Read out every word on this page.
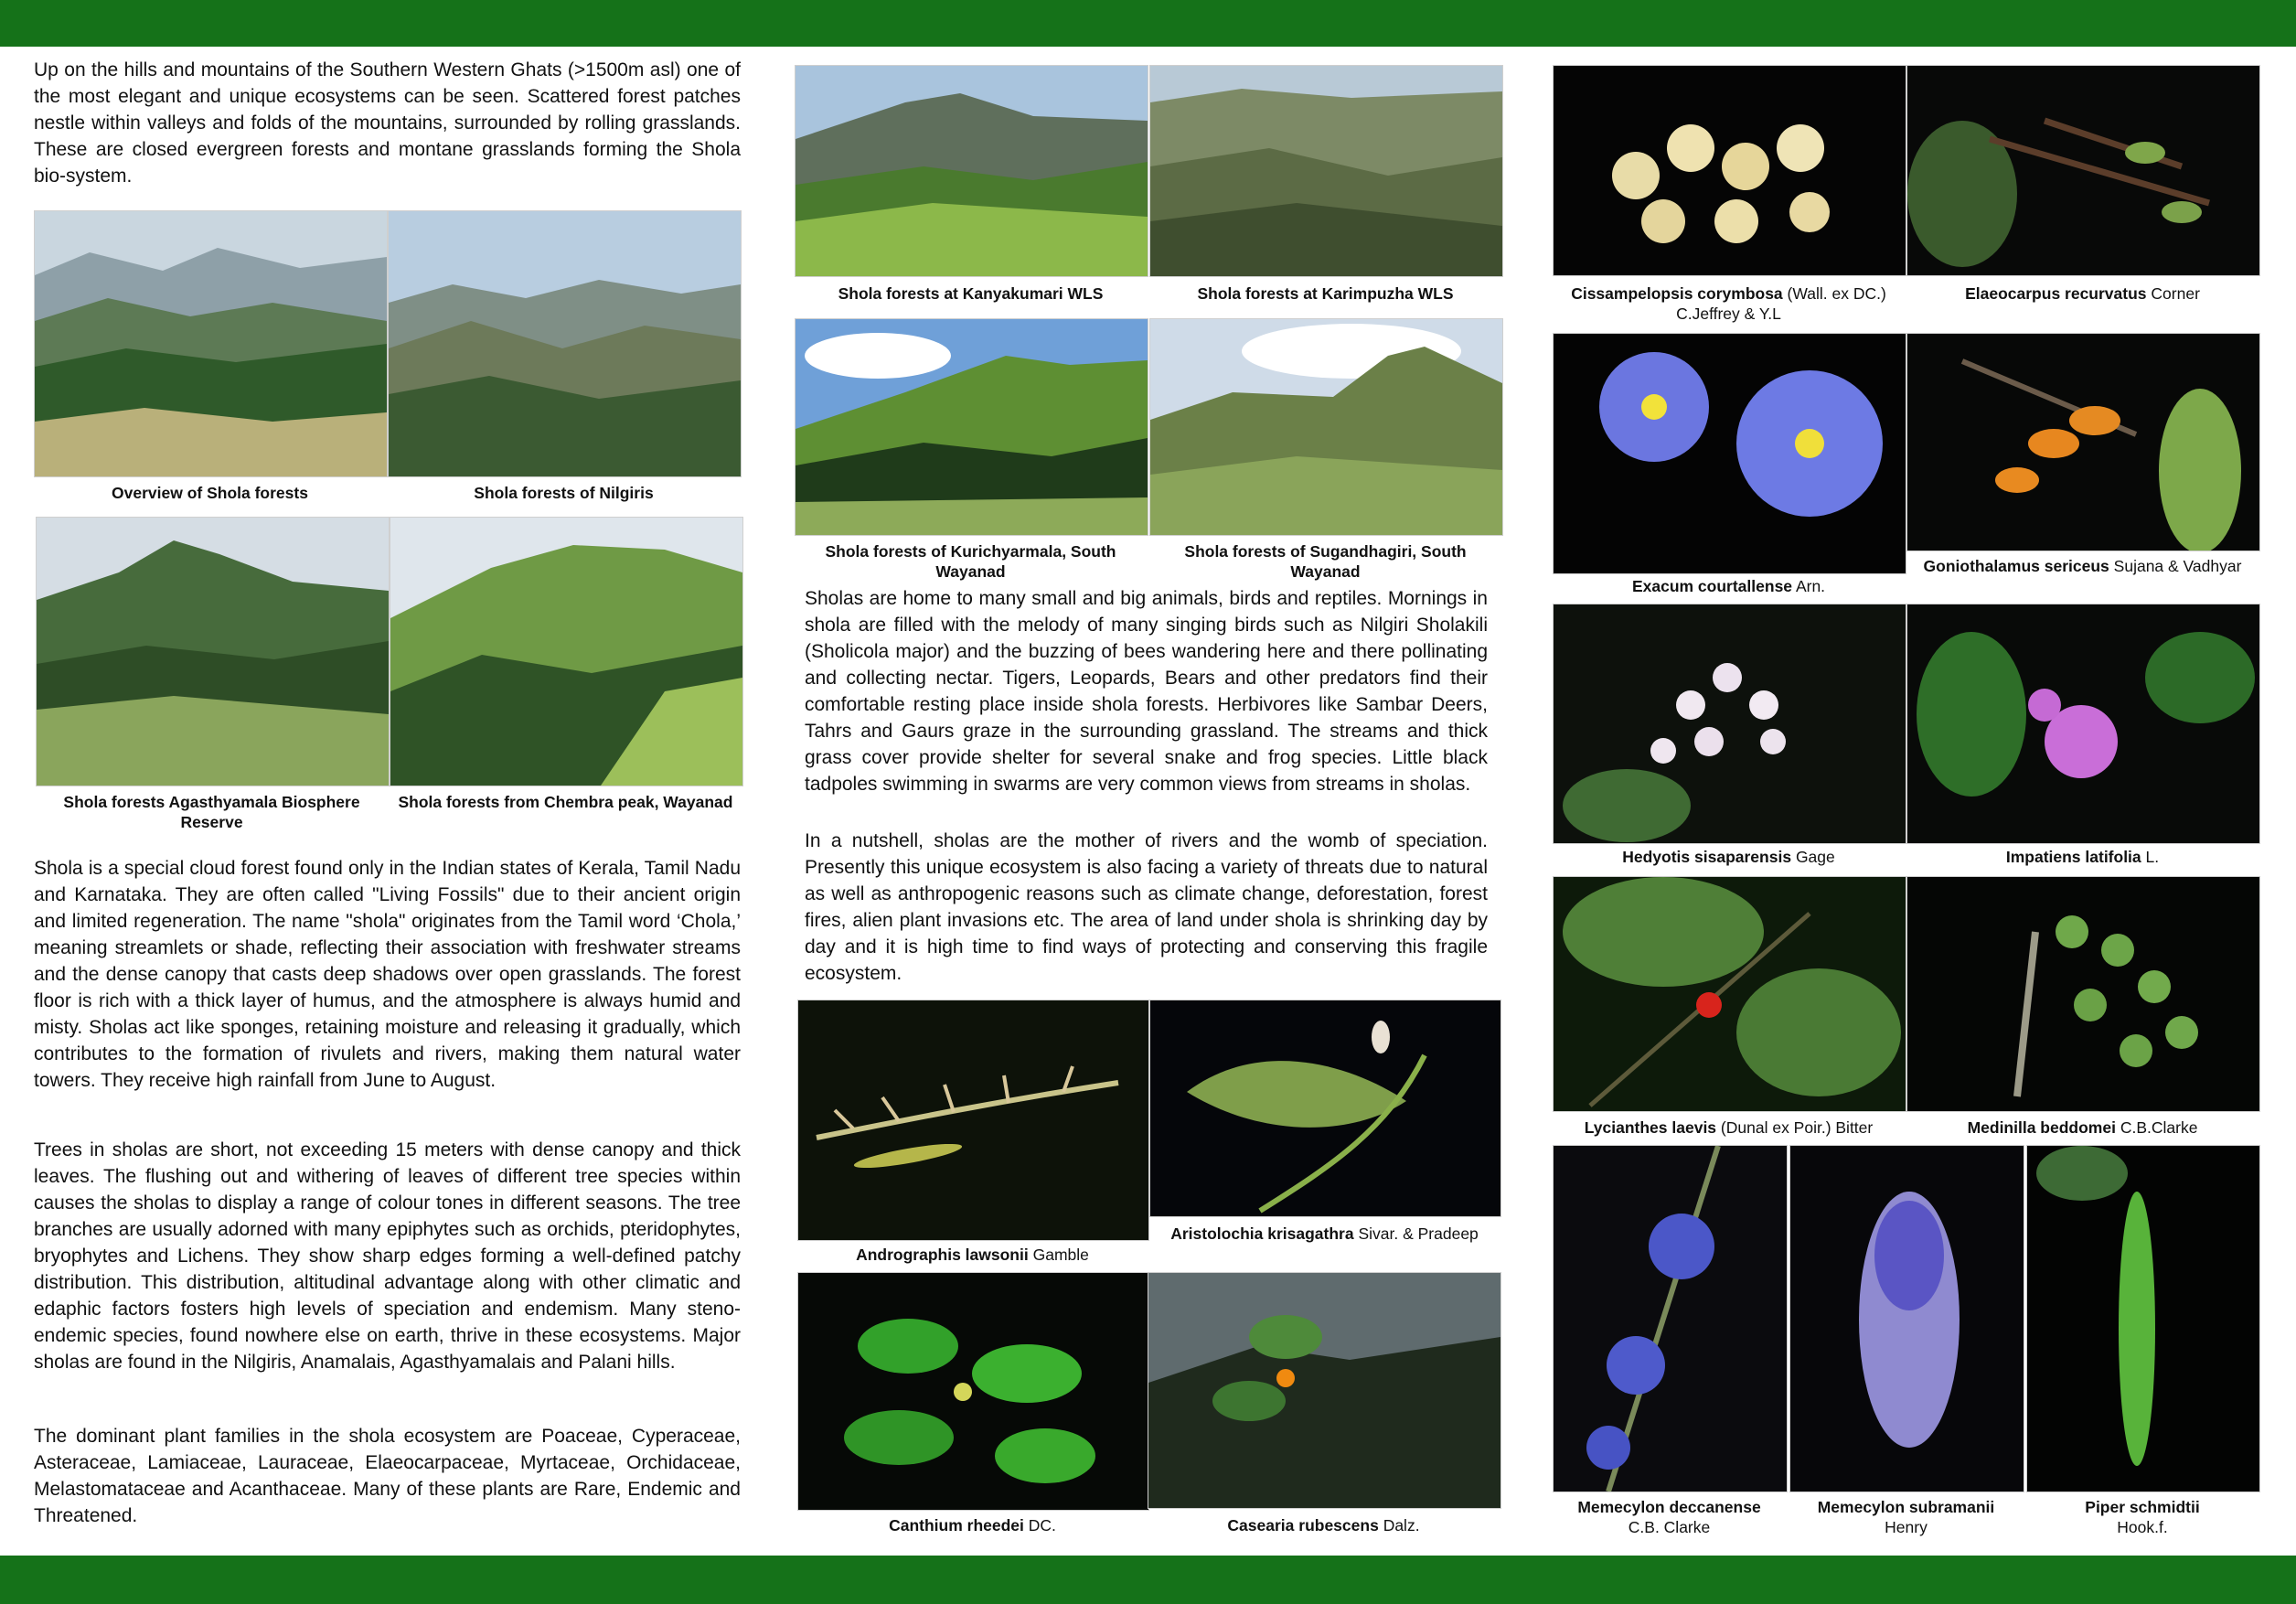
Up on the hills and mountains of the Southern Western Ghats (>1500m asl) one of the most elegant and unique ecosystems can be seen. Scattered forest patches nestle within valleys and folds of the mountains, surrounded by rolling grasslands. These are closed evergreen forests and montane grasslands forming the Shola bio-system.

Overview of Shola forests	Shola forests of Nilgiris
Shola forests Agasthyamala Biosphere Reserve
Shola forests from Chembra peak, Wayanad

Shola is a special cloud forest found only in the Indian states of Kerala, Tamil Nadu and Karnataka. They are often called "Living Fossils" due to their ancient origin and limited regeneration. The name "shola" originates from the Tamil word ‘Chola,’ meaning streamlets or shade, reflecting their association with freshwater streams and the dense canopy that casts deep shadows over open grasslands. The forest floor is rich with a thick layer of humus, and the atmosphere is always humid and misty. Sholas act like sponges, retaining moisture and releasing it gradually, which contributes to the formation of rivulets and rivers, making them natural water towers. They receive high rainfall from June to August.

Trees in sholas are short, not exceeding 15 meters with dense canopy and thick leaves. The flushing out and withering of leaves of different tree species within causes the sholas to display a range of colour tones in different seasons. The tree branches are usually adorned with many epiphytes such as orchids, pteridophytes, bryophytes and Lichens. They show sharp edges forming a well-defined patchy distribution. This distribution, altitudinal advantage along with other climatic and edaphic factors fosters high levels of speciation and endemism. Many steno-endemic species, found nowhere else on earth, thrive in these ecosystems. Major sholas are found in the Nilgiris, Anamalais, Agasthyamalais and Palani hills.

The dominant plant families in the shola ecosystem are Poaceae, Cyperaceae, Asteraceae, Lamiaceae, Lauraceae, Elaeocarpaceae, Myrtaceae, Orchidaceae, Melastomataceae and Acanthaceae. Many of these plants are Rare, Endemic and Threatened.

Shola forests at Kanyakumari WLS	Shola forests at Karimpuzha WLS
Shola forests of Kurichyarmala, South Wayanad
Shola forests of Sugandhagiri, South Wayanad

Sholas are home to many small and big animals, birds and reptiles. Mornings in shola are filled with the melody of many singing birds such as Nilgiri Sholakili (Sholicola major) and the buzzing of bees wandering here and there pollinating and collecting nectar. Tigers, Leopards, Bears and other predators find their comfortable resting place inside shola forests. Herbivores like Sambar Deers, Tahrs and Gaurs graze in the surrounding grassland. The streams and thick grass cover provide shelter for several snake and frog species. Little black tadpoles swimming in swarms are very common views from streams in sholas.

In a nutshell, sholas are the mother of rivers and the womb of speciation. Presently this unique ecosystem is also facing a variety of threats due to natural as well as anthropogenic reasons such as climate change, deforestation, forest fires, alien plant invasions etc. The area of land under shola is shrinking day by day and it is high time to find ways of protecting and conserving this fragile ecosystem.

Andrographis lawsonii Gamble
Aristolochia krisagathra Sivar. & Pradeep
Canthium rheedei DC.	Casearia rubescens Dalz.
Cissampelopsis corymbosa (Wall. ex DC.) C.Jeffrey & Y.L
Elaeocarpus recurvatus Corner
Exacum courtallense Arn.
Goniothalamus sericeus Sujana & Vadhyar
Hedyotis sisaparensis Gage	Impatiens latifolia L.
Lycianthes laevis (Dunal ex Poir.) Bitter	Medinilla beddomei C.B.Clarke
Memecylon deccanense
C.B. Clarke
Memecylon subramanii
Henry
Piper schmidtii
Hook.f.
